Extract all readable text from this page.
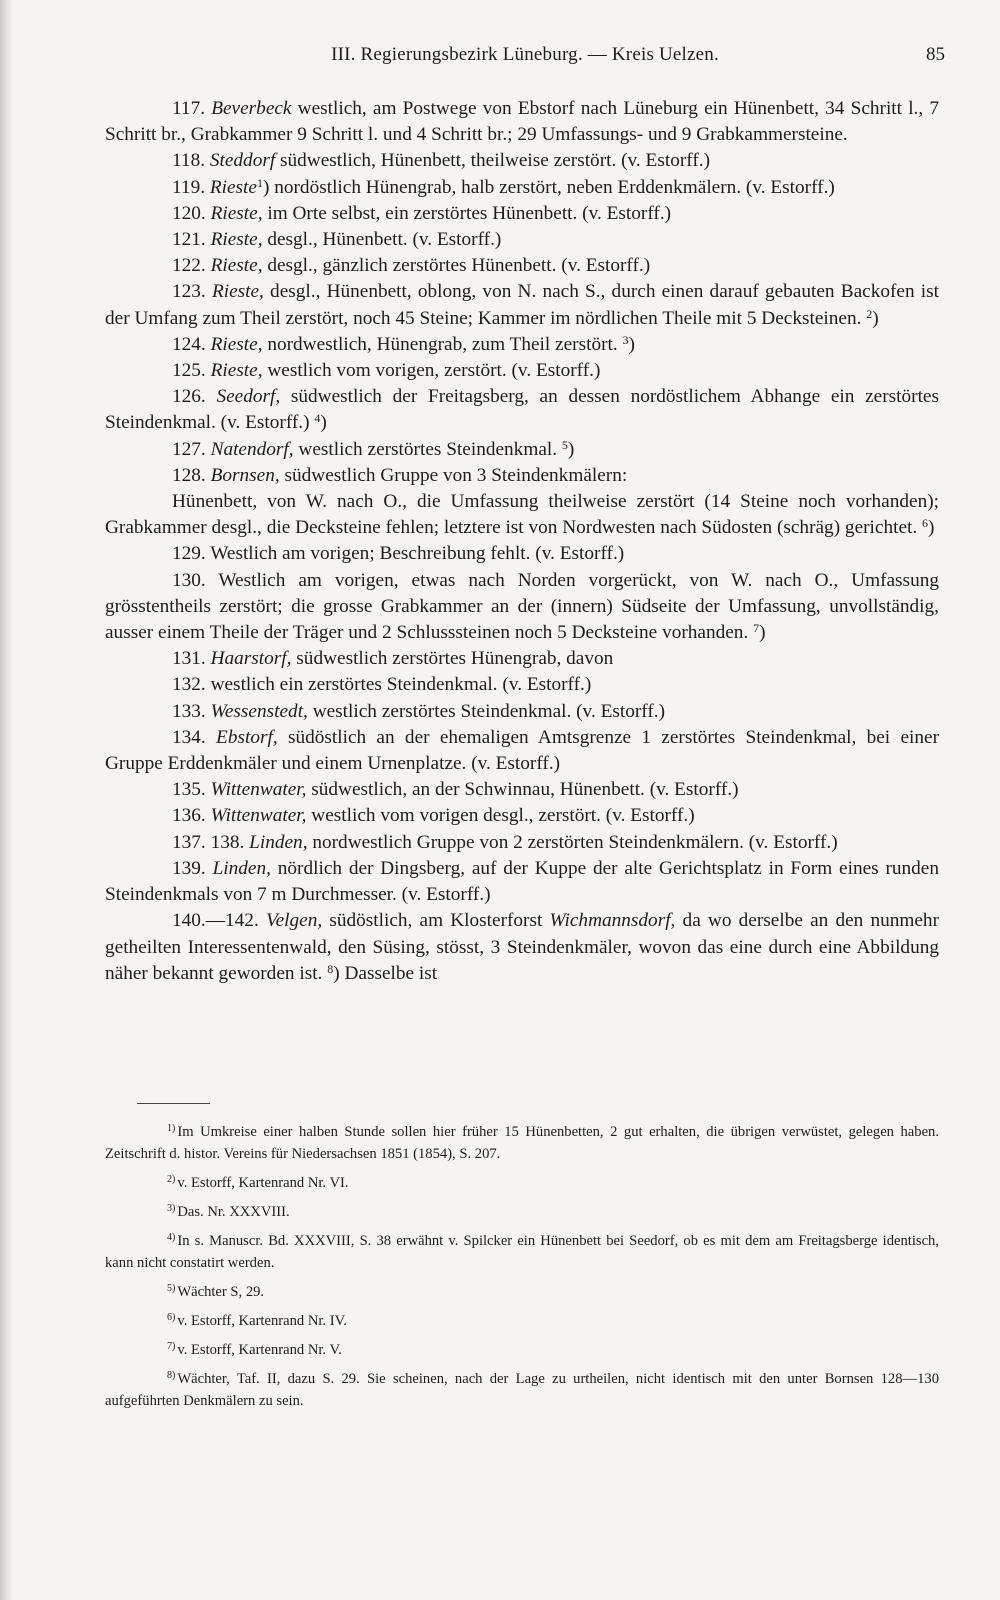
III. Regierungsbezirk Lüneburg. — Kreis Uelzen.	85

117. Beverbeck westlich, am Postwege von Ebstorf nach Lüneburg ein Hünenbett, 34 Schritt l., 7 Schritt br., Grabkammer 9 Schritt l. und 4 Schritt br.; 29 Umfassungs- und 9 Grabkammersteine.

118. Steddorf südwestlich, Hünenbett, theilweise zerstört. (v. Estorff.)

119. Rieste$^1$) nordöstlich Hünengrab, halb zerstört, neben Erddenkmälern. (v. Estorff.)

120. Rieste, im Orte selbst, ein zerstörtes Hünenbett. (v. Estorff.)

121. Rieste, desgl., Hünenbett. (v. Estorff.)

122. Rieste, desgl., gänzlich zerstörtes Hünenbett. (v. Estorff.)

123. Rieste, desgl., Hünenbett, oblong, von N. nach S., durch einen darauf gebauten Backofen ist der Umfang zum Theil zerstört, noch 45 Steine; Kammer im nördlichen Theile mit 5 Decksteinen. $^2$)

124. Rieste, nordwestlich, Hünengrab, zum Theil zerstört. $^3$)

125. Rieste, westlich vom vorigen, zerstört. (v. Estorff.)

126. Seedorf, südwestlich der Freitagsberg, an dessen nordöstlichem Abhange ein zerstörtes Steindenkmal. (v. Estorff.) $^4$)

127. Natendorf, westlich zerstörtes Steindenkmal. $^5$)

128. Bornsen, südwestlich Gruppe von 3 Steindenkmälern:

Hünenbett, von W. nach O., die Umfassung theilweise zerstört (14 Steine noch vorhanden); Grabkammer desgl., die Decksteine fehlen; letztere ist von Nordwesten nach Südosten (schräg) gerichtet. $^6$)

129. Westlich am vorigen; Beschreibung fehlt. (v. Estorff.)

130. Westlich am vorigen, etwas nach Norden vorgerückt, von W. nach O., Umfassung grösstentheils zerstört; die grosse Grabkammer an der (innern) Südseite der Umfassung, unvollständig, ausser einem Theile der Träger und 2 Schlusssteinen noch 5 Decksteine vorhanden. $^7$)

131. Haarstorf, südwestlich zerstörtes Hünengrab, davon

132. westlich ein zerstörtes Steindenkmal. (v. Estorff.)

133. Wessenstedt, westlich zerstörtes Steindenkmal. (v. Estorff.)

134. Ebstorf, südöstlich an der ehemaligen Amtsgrenze 1 zerstörtes Steindenkmal, bei einer Gruppe Erddenkmäler und einem Urnenplatze. (v. Estorff.)

135. Wittenwater, südwestlich, an der Schwinnau, Hünenbett. (v. Estorff.)

136. Wittenwater, westlich vom vorigen desgl., zerstört. (v. Estorff.)

137. 138. Linden, nordwestlich Gruppe von 2 zerstörten Steindenkmälern. (v. Estorff.)

139. Linden, nördlich der Dingsberg, auf der Kuppe der alte Gerichtsplatz in Form eines runden Steindenkmals von 7 m Durchmesser. (v. Estorff.)

140.—142. Velgen, südöstlich, am Klosterforst Wichmannsdorf, da wo derselbe an den nunmehr getheilten Interessentenwald, den Süsing, stösst, 3 Steindenkmäler, wovon das eine durch eine Abbildung näher bekannt geworden ist. $^8$) Dasselbe ist

$^{1)}$ Im Umkreise einer halben Stunde sollen hier früher 15 Hünenbetten, 2 gut erhalten, die übrigen verwüstet, gelegen haben. Zeitschrift d. histor. Vereins für Niedersachsen 1851 (1854), S. 207.

$^{2)}$ v. Estorff, Kartenrand Nr. VI.

$^{3)}$ Das. Nr. XXXVIII.

$^{4)}$ In s. Manuscr. Bd. XXXVIII, S. 38 erwähnt v. Spilcker ein Hünenbett bei Seedorf, ob es mit dem am Freitagsberge identisch, kann nicht constatirt werden.

$^{5)}$ Wächter S, 29.

$^{6)}$ v. Estorff, Kartenrand Nr. IV.

$^{7)}$ v. Estorff, Kartenrand Nr. V.

$^{8)}$ Wächter, Taf. II, dazu S. 29. Sie scheinen, nach der Lage zu urtheilen, nicht identisch mit den unter Bornsen 128—130 aufgeführten Denkmälern zu sein.
